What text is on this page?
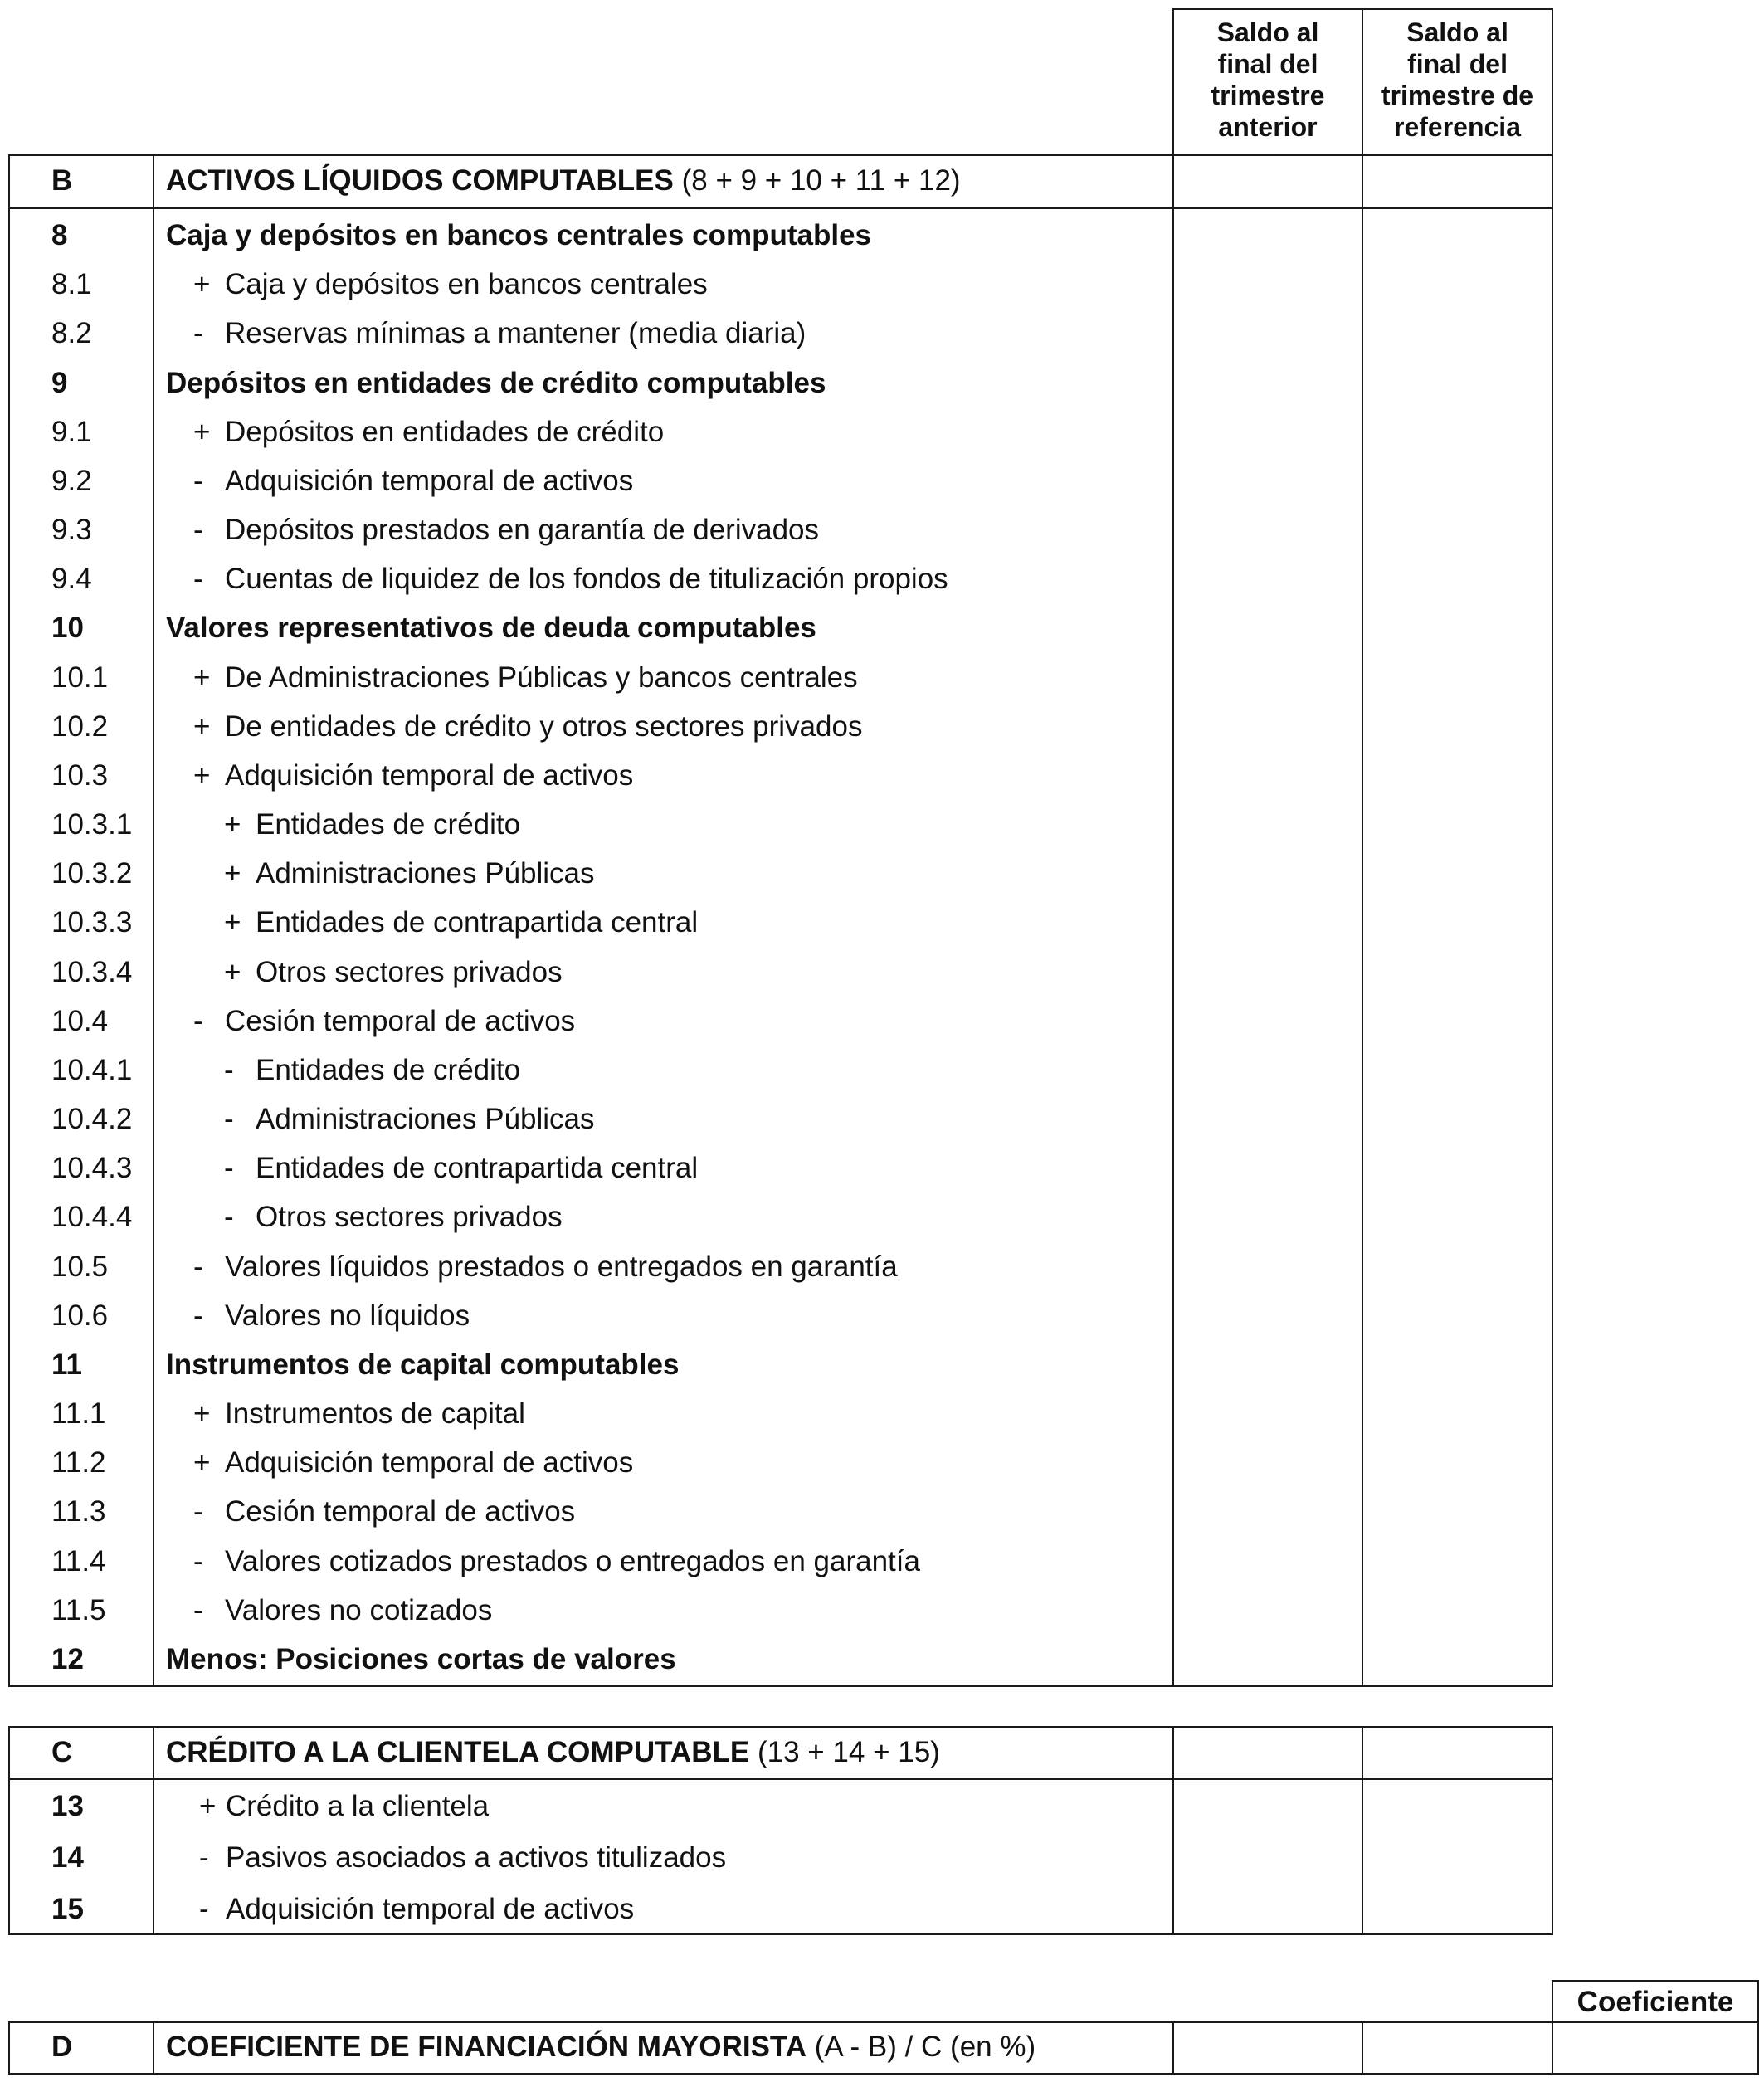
Saldo al
final del
trimestre
anterior
Saldo al
final del
trimestre de
referencia
B	ACTIVOS LÍQUIDOS COMPUTABLES (8 + 9 + 10 + 11 + 12)
8	Caja y depósitos en bancos centrales computables
8.1	+ Caja y depósitos en bancos centrales
8.2	- Reservas mínimas a mantener (media diaria)
9	Depósitos en entidades de crédito computables
9.1	+ Depósitos en entidades de crédito
9.2	- Adquisición temporal de activos
9.3	- Depósitos prestados en garantía de derivados
9.4	- Cuentas de liquidez de los fondos de titulización propios
10	Valores representativos de deuda computables
10.1	+ De Administraciones Públicas y bancos centrales
10.2	+ De entidades de crédito y otros sectores privados
10.3	+ Adquisición temporal de activos
10.3.1	+ Entidades de crédito
10.3.2	+ Administraciones Públicas
10.3.3	+ Entidades de contrapartida central
10.3.4	+ Otros sectores privados
10.4	- Cesión temporal de activos
10.4.1	- Entidades de crédito
10.4.2	- Administraciones Públicas
10.4.3	- Entidades de contrapartida central
10.4.4	- Otros sectores privados
10.5	- Valores líquidos prestados o entregados en garantía
10.6	- Valores no líquidos
11	Instrumentos de capital computables
11.1	+ Instrumentos de capital
11.2	+ Adquisición temporal de activos
11.3	- Cesión temporal de activos
11.4	- Valores cotizados prestados o entregados en garantía
11.5	- Valores no cotizados
12	Menos: Posiciones cortas de valores
C	CRÉDITO A LA CLIENTELA COMPUTABLE (13 + 14 + 15)
13	+ Crédito a la clientela
14	- Pasivos asociados a activos titulizados
15	- Adquisición temporal de activos
Coeficiente
D	COEFICIENTE DE FINANCIACIÓN MAYORISTA (A - B) / C (en %)
